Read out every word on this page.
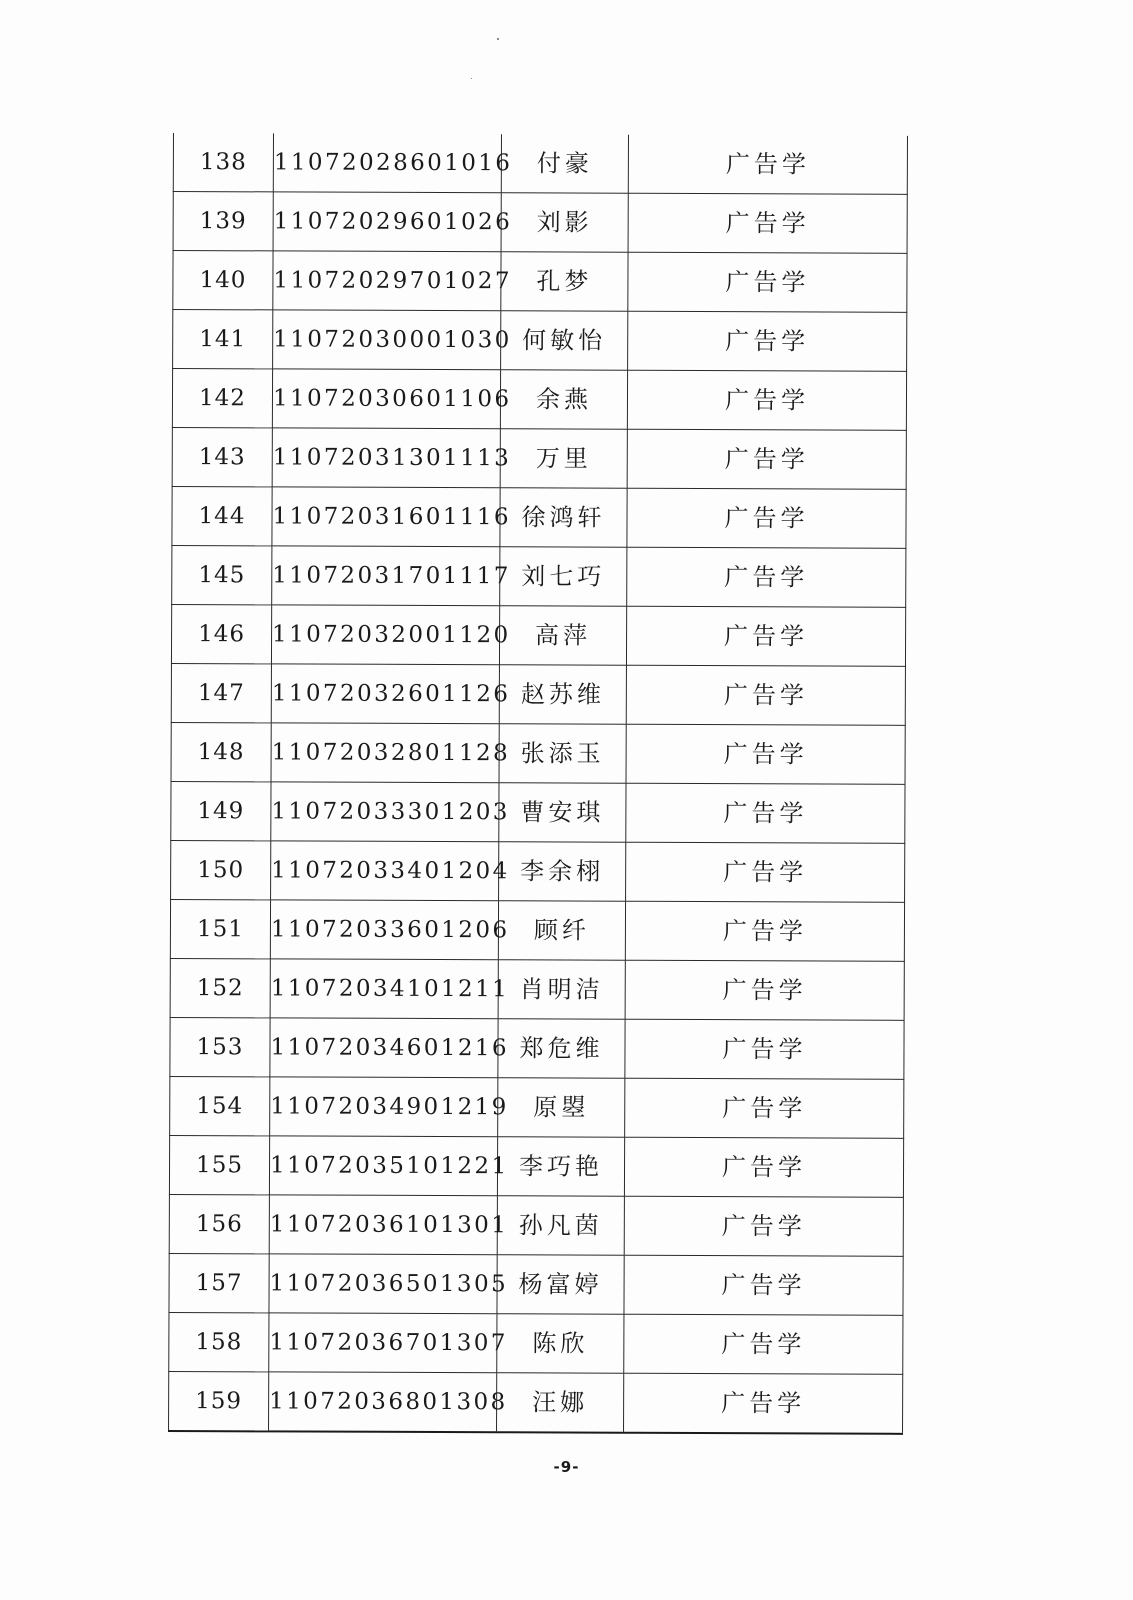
138	11072028601016	付豪	广告学
139	11072029601026	刘影	广告学
140	11072029701027	孔梦	广告学
141	11072030001030	何敏怡	广告学
142	11072030601106	余燕	广告学
143	11072031301113	万里	广告学
144	11072031601116	徐鸿轩	广告学
145	11072031701117	刘七巧	广告学
146	11072032001120	高萍	广告学
147	11072032601126	赵苏维	广告学
148	11072032801128	张添玉	广告学
149	11072033301203	曹安琪	广告学
150	11072033401204	李余栩	广告学
151	11072033601206	顾纤	广告学
152	11072034101211	肖明洁	广告学
153	11072034601216	郑危维	广告学
154	11072034901219	原曌	广告学
155	11072035101221	李巧艳	广告学
156	11072036101301	孙凡茵	广告学
157	11072036501305	杨富婷	广告学
158	11072036701307	陈欣	广告学
159	11072036801308	汪娜	广告学
-9-
